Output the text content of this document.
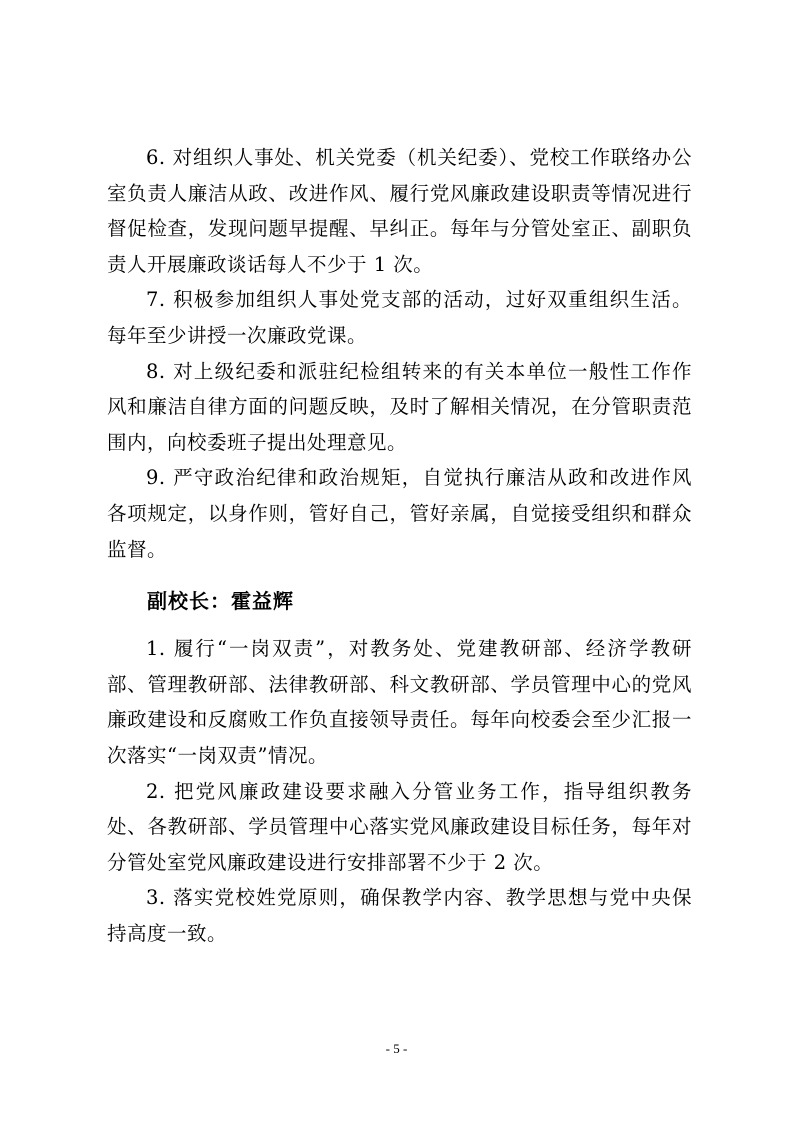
6. 对组织人事处、机关党委（机关纪委）、党校工作联络办公室负责人廉洁从政、改进作风、履行党风廉政建设职责等情况进行督促检查，发现问题早提醒、早纠正。每年与分管处室正、副职负责人开展廉政谈话每人不少于 1 次。

7. 积极参加组织人事处党支部的活动，过好双重组织生活。每年至少讲授一次廉政党课。

8. 对上级纪委和派驻纪检组转来的有关本单位一般性工作作风和廉洁自律方面的问题反映，及时了解相关情况，在分管职责范围内，向校委班子提出处理意见。

9. 严守政治纪律和政治规矩，自觉执行廉洁从政和改进作风各项规定，以身作则，管好自己，管好亲属，自觉接受组织和群众监督。

副校长：霍益辉

1. 履行“一岗双责”，对教务处、党建教研部、经济学教研部、管理教研部、法律教研部、科文教研部、学员管理中心的党风廉政建设和反腐败工作负直接领导责任。每年向校委会至少汇报一次落实“一岗双责”情况。

2. 把党风廉政建设要求融入分管业务工作，指导组织教务处、各教研部、学员管理中心落实党风廉政建设目标任务，每年对分管处室党风廉政建设进行安排部署不少于 2 次。

3. 落实党校姓党原则，确保教学内容、教学思想与党中央保持高度一致。

- 5 -
